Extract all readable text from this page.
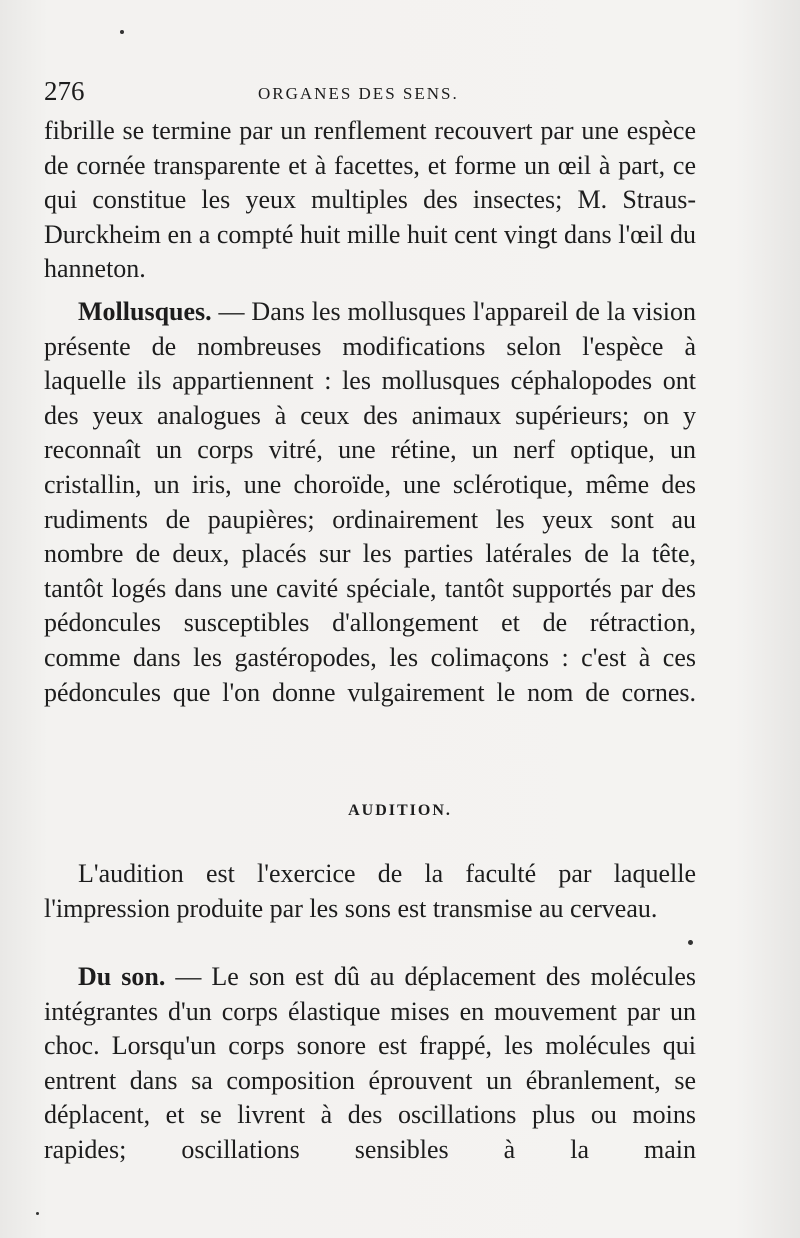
276	ORGANES DES SENS.

fibrille se termine par un renflement recouvert par une espèce de cornée transparente et à facettes, et forme un œil à part, ce qui constitue les yeux multiples des insectes; M. Straus-Durckheim en a compté huit mille huit cent vingt dans l'œil du hanneton.

Mollusques. — Dans les mollusques l'appareil de la vision présente de nombreuses modifications selon l'espèce à laquelle ils appartiennent : les mollusques céphalopodes ont des yeux analogues à ceux des animaux supérieurs; on y reconnaît un corps vitré, une rétine, un nerf optique, un cristallin, un iris, une choroïde, une sclérotique, même des rudiments de paupières; ordinairement les yeux sont au nombre de deux, placés sur les parties latérales de la tête, tantôt logés dans une cavité spéciale, tantôt supportés par des pédoncules susceptibles d'allongement et de rétraction, comme dans les gastéropodes, les colimaçons : c'est à ces pédoncules que l'on donne vulgairement le nom de cornes.

AUDITION.

L'audition est l'exercice de la faculté par laquelle l'impression produite par les sons est transmise au cerveau.

Du son. — Le son est dû au déplacement des molécules intégrantes d'un corps élastique mises en mouvement par un choc. Lorsqu'un corps sonore est frappé, les molécules qui entrent dans sa composition éprouvent un ébranlement, se déplacent, et se livrent à des oscillations plus ou moins rapides; oscillations sensibles à la main
